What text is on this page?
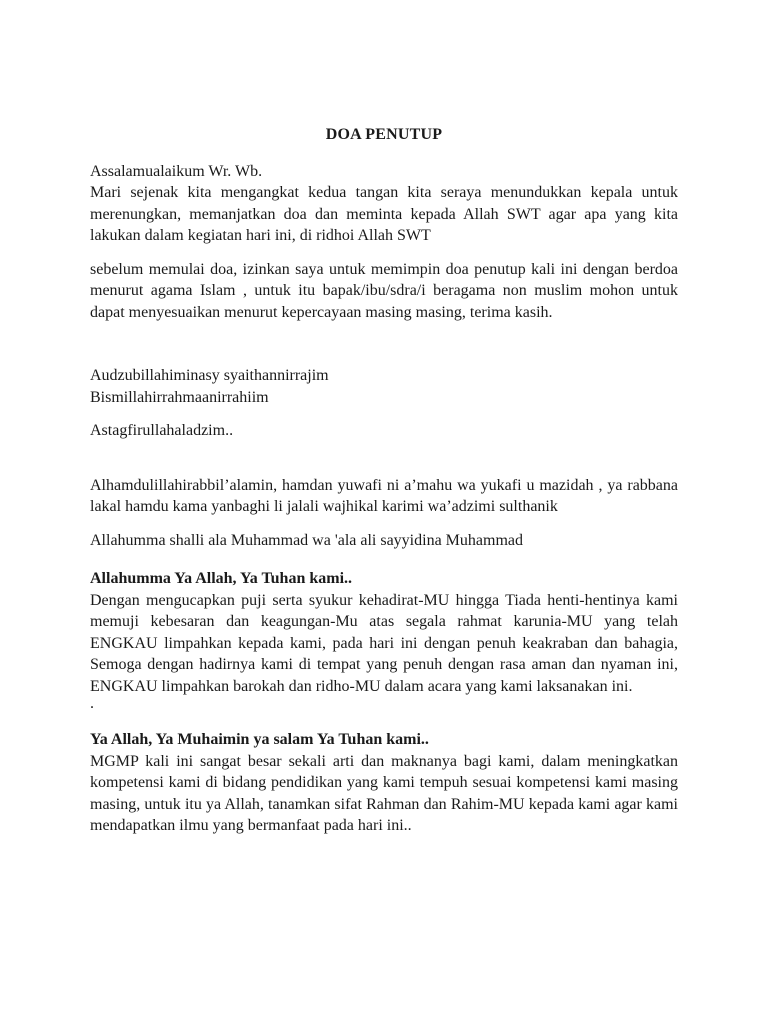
DOA PENUTUP
Assalamualaikum Wr. Wb.

Mari sejenak kita mengangkat kedua tangan kita seraya menundukkan kepala untuk merenungkan, memanjatkan doa dan meminta kepada Allah SWT agar apa yang kita lakukan dalam kegiatan hari ini, di ridhoi Allah SWT

sebelum memulai doa, izinkan saya untuk memimpin doa penutup kali ini dengan berdoa menurut agama Islam , untuk itu bapak/ibu/sdra/i beragama non muslim mohon untuk dapat menyesuaikan menurut kepercayaan masing masing, terima kasih.

Audzubillahiminasy syaithannirrajim
Bismillahirrahmaanirrahiim
Astagfirullahaladzim..

Alhamdulillahirabbil’alamin, hamdan yuwafi ni a’mahu wa yukafi u mazidah , ya rabbana lakal hamdu kama yanbaghi li jalali wajhikal karimi wa’adzimi sulthanik

Allahumma shalli ala Muhammad wa 'ala ali sayyidina Muhammad
Allahumma Ya Allah, Ya Tuhan kami..

Dengan mengucapkan puji serta syukur kehadirat-MU hingga Tiada henti-hentinya kami memuji kebesaran dan keagungan-Mu atas segala rahmat karunia-MU yang telah ENGKAU limpahkan kepada kami, pada hari ini dengan penuh keakraban dan bahagia, Semoga dengan hadirnya kami di tempat yang penuh dengan rasa aman dan nyaman ini, ENGKAU limpahkan barokah dan ridho-MU dalam acara yang kami laksanakan ini.

.
Ya Allah, Ya Muhaimin ya salam Ya Tuhan kami..

MGMP kali ini sangat besar sekali arti dan maknanya bagi kami, dalam meningkatkan kompetensi kami di bidang pendidikan yang kami tempuh sesuai kompetensi kami masing masing, untuk itu ya Allah, tanamkan sifat Rahman dan Rahim-MU kepada kami agar kami mendapatkan ilmu yang bermanfaat pada hari ini..
